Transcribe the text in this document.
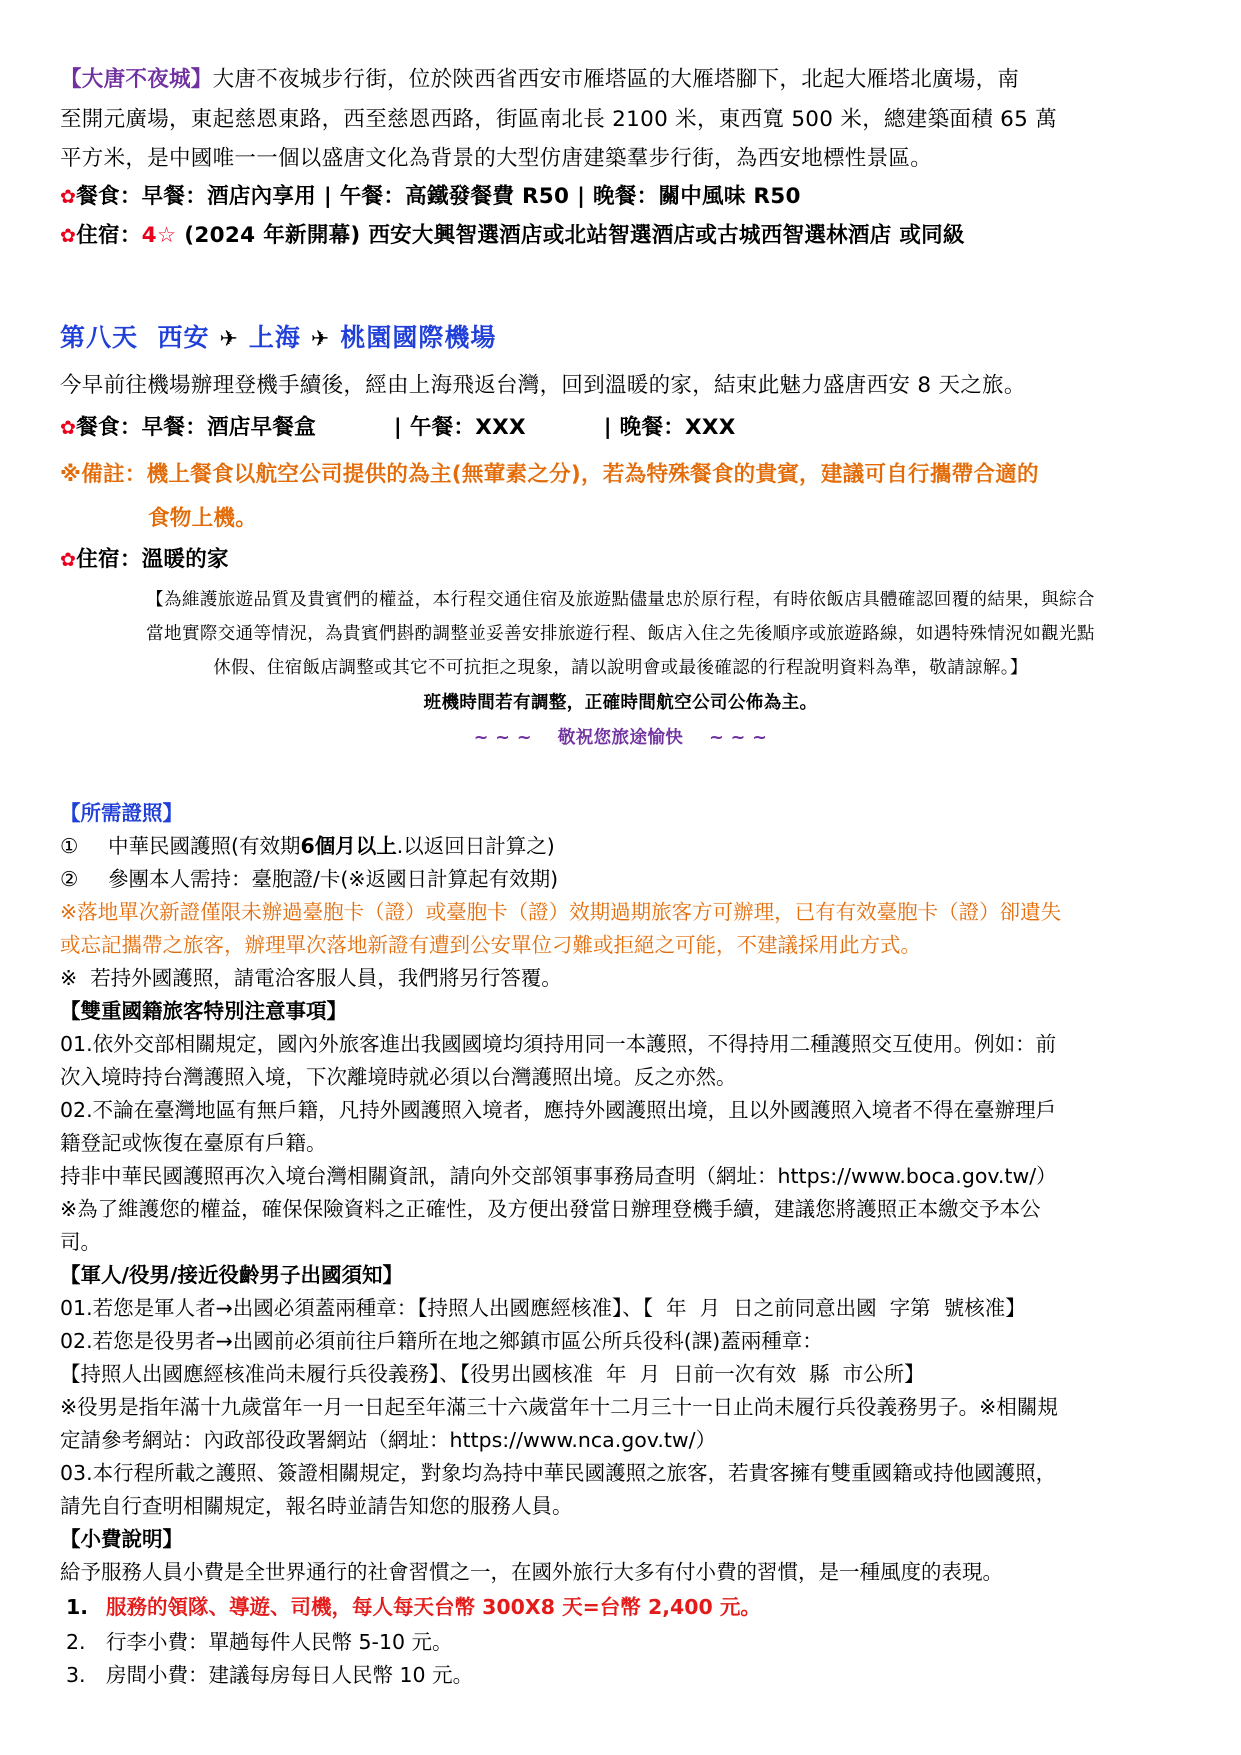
【大唐不夜城】大唐不夜城步行街，位於陝西省西安市雁塔區的大雁塔腳下，北起大雁塔北廣場，南
至開元廣場，東起慈恩東路，西至慈恩西路，街區南北長 2100 米，東西寬 500 米，總建築面積 65 萬
平方米，是中國唯一一個以盛唐文化為背景的大型仿唐建築羣步行街，為西安地標性景區。
✿餐食：早餐：酒店內享用 | 午餐：高鐵發餐費 R50 | 晚餐：關中風味 R50
✿住宿：4☆ (2024 年新開幕) 西安大興智選酒店或北站智選酒店或古城西智選林酒店 或同級
第八天 西安 ✈ 上海 ✈ 桃園國際機場
今早前往機場辦理登機手續後，經由上海飛返台灣，回到溫暖的家，結束此魅力盛唐西安 8 天之旅。
✿餐食：早餐：酒店早餐盒          | 午餐：XXX          | 晚餐：XXX
※備註：機上餐食以航空公司提供的為主(無葷素之分)，若為特殊餐食的貴賓，建議可自行攜帶合適的
食物上機。
✿住宿：溫暖的家
【為維護旅遊品質及貴賓們的權益，本行程交通住宿及旅遊點儘量忠於原行程，有時依飯店具體確認回覆的結果，與綜合
當地實際交通等情況，為貴賓們斟酌調整並妥善安排旅遊行程、飯店入住之先後順序或旅遊路線，如遇特殊情況如觀光點
休假、住宿飯店調整或其它不可抗拒之現象，請以說明會或最後確認的行程說明資料為準，敬請諒解。】
班機時間若有調整，正確時間航空公司公佈為主。
~ ~ ~    敬祝您旅途愉快    ~ ~ ~
【所需證照】
① 中華民國護照(有效期6個月以上.以返回日計算之)
② 參團本人需持：臺胞證/卡(※返國日計算起有效期)
※落地單次新證僅限未辦過臺胞卡（證）或臺胞卡（證）效期過期旅客方可辦理，已有有效臺胞卡（證）卻遺失
或忘記攜帶之旅客，辦理單次落地新證有遭到公安單位刁難或拒絕之可能，不建議採用此方式。
※  若持外國護照，請電洽客服人員，我們將另行答覆。
【雙重國籍旅客特別注意事項】
01.依外交部相關規定，國內外旅客進出我國國境均須持用同一本護照，不得持用二種護照交互使用。例如：前
次入境時持台灣護照入境，下次離境時就必須以台灣護照出境。反之亦然。
02.不論在臺灣地區有無戶籍，凡持外國護照入境者，應持外國護照出境，且以外國護照入境者不得在臺辦理戶
籍登記或恢復在臺原有戶籍。
持非中華民國護照再次入境台灣相關資訊，請向外交部領事事務局查明（網址：https://www.boca.gov.tw/）
※為了維護您的權益，確保保險資料之正確性，及方便出發當日辦理登機手續，建議您將護照正本繳交予本公
司。
【軍人/役男/接近役齡男子出國須知】
01.若您是軍人者→出國必須蓋兩種章：【持照人出國應經核准】、【  年  月  日之前同意出國  字第  號核准】
02.若您是役男者→出國前必須前往戶籍所在地之鄉鎮市區公所兵役科(課)蓋兩種章：
【持照人出國應經核准尚未履行兵役義務】、【役男出國核准  年  月  日前一次有效  縣  市公所】
※役男是指年滿十九歲當年一月一日起至年滿三十六歲當年十二月三十一日止尚未履行兵役義務男子。※相關規
定請參考網站：內政部役政署網站（網址：https://www.nca.gov.tw/）
03.本行程所載之護照、簽證相關規定，對象均為持中華民國護照之旅客，若貴客擁有雙重國籍或持他國護照，
請先自行查明相關規定，報名時並請告知您的服務人員。
【小費說明】
給予服務人員小費是全世界通行的社會習慣之一，在國外旅行大多有付小費的習慣，是一種風度的表現。
1. 服務的領隊、導遊、司機，每人每天台幣 300X8 天=台幣 2,400 元。
2. 行李小費：單趟每件人民幣 5-10 元。
3. 房間小費：建議每房每日人民幣 10 元。
